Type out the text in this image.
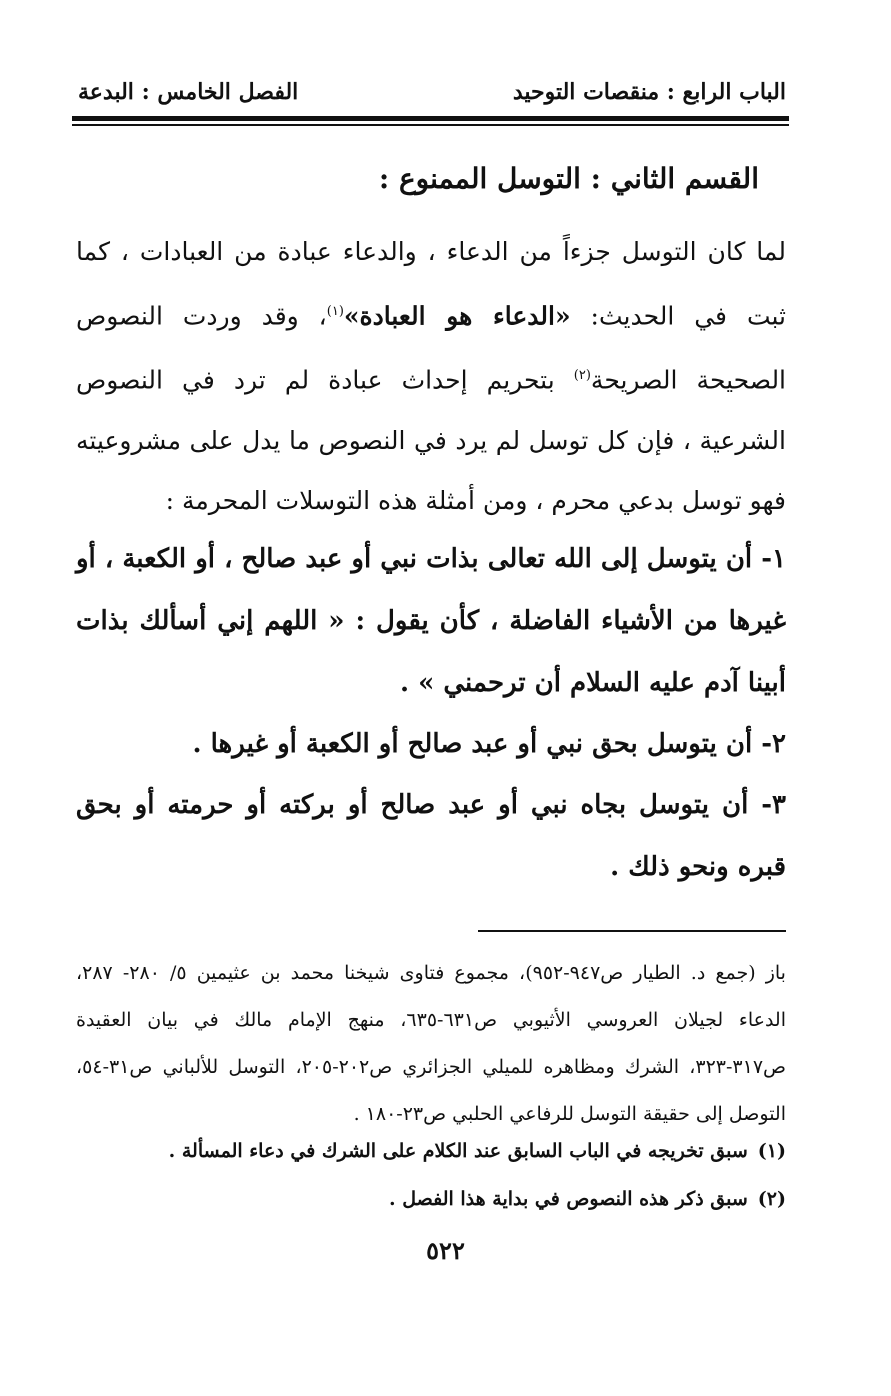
الباب الرابع : منقصات التوحيد
الفصل الخامس : البدعة
القسم الثاني : التوسل الممنوع :
لما كان التوسل جزءاً من الدعاء ، والدعاء عبادة من العبادات ، كما ثبت في الحديث: «الدعاء هو العبادة»$^{(١)}$، وقد وردت النصوص الصحيحة الصريحة$^{(٢)}$ بتحريم إحداث عبادة لم ترد في النصوص الشرعية ، فإن كل توسل لم يرد في النصوص ما يدل على مشروعيته فهو توسل بدعي محرم ، ومن أمثلة هذه التوسلات المحرمة :
١- أن يتوسل إلى الله تعالى بذات نبي أو عبد صالح ، أو الكعبة ، أو غيرها من الأشياء الفاضلة ، كأن يقول : « اللهم إني أسألك بذات أبينا آدم عليه السلام أن ترحمني » .
٢- أن يتوسل بحق نبي أو عبد صالح أو الكعبة أو غيرها .
٣- أن يتوسل بجاه نبي أو عبد صالح أو بركته أو حرمته أو بحق قبره ونحو ذلك .
باز (جمع د. الطيار ص٩٤٧-٩٥٢)، مجموع فتاوى شيخنا محمد بن عثيمين ٥/ ٢٨٠- ٢٨٧، الدعاء لجيلان العروسي الأثيوبي ص٦٣١-٦٣٥، منهج الإمام مالك في بيان العقيدة ص٣١٧-٣٢٣، الشرك ومظاهره للميلي الجزائري ص٢٠٢-٢٠٥، التوسل للألباني ص٣١-٥٤، التوصل إلى حقيقة التوسل للرفاعي الحلبي ص٢٣-١٨٠ .
(١)سبق تخريجه في الباب السابق عند الكلام على الشرك في دعاء المسألة .
(٢)سبق ذكر هذه النصوص في بداية هذا الفصل .
٥٢٢
